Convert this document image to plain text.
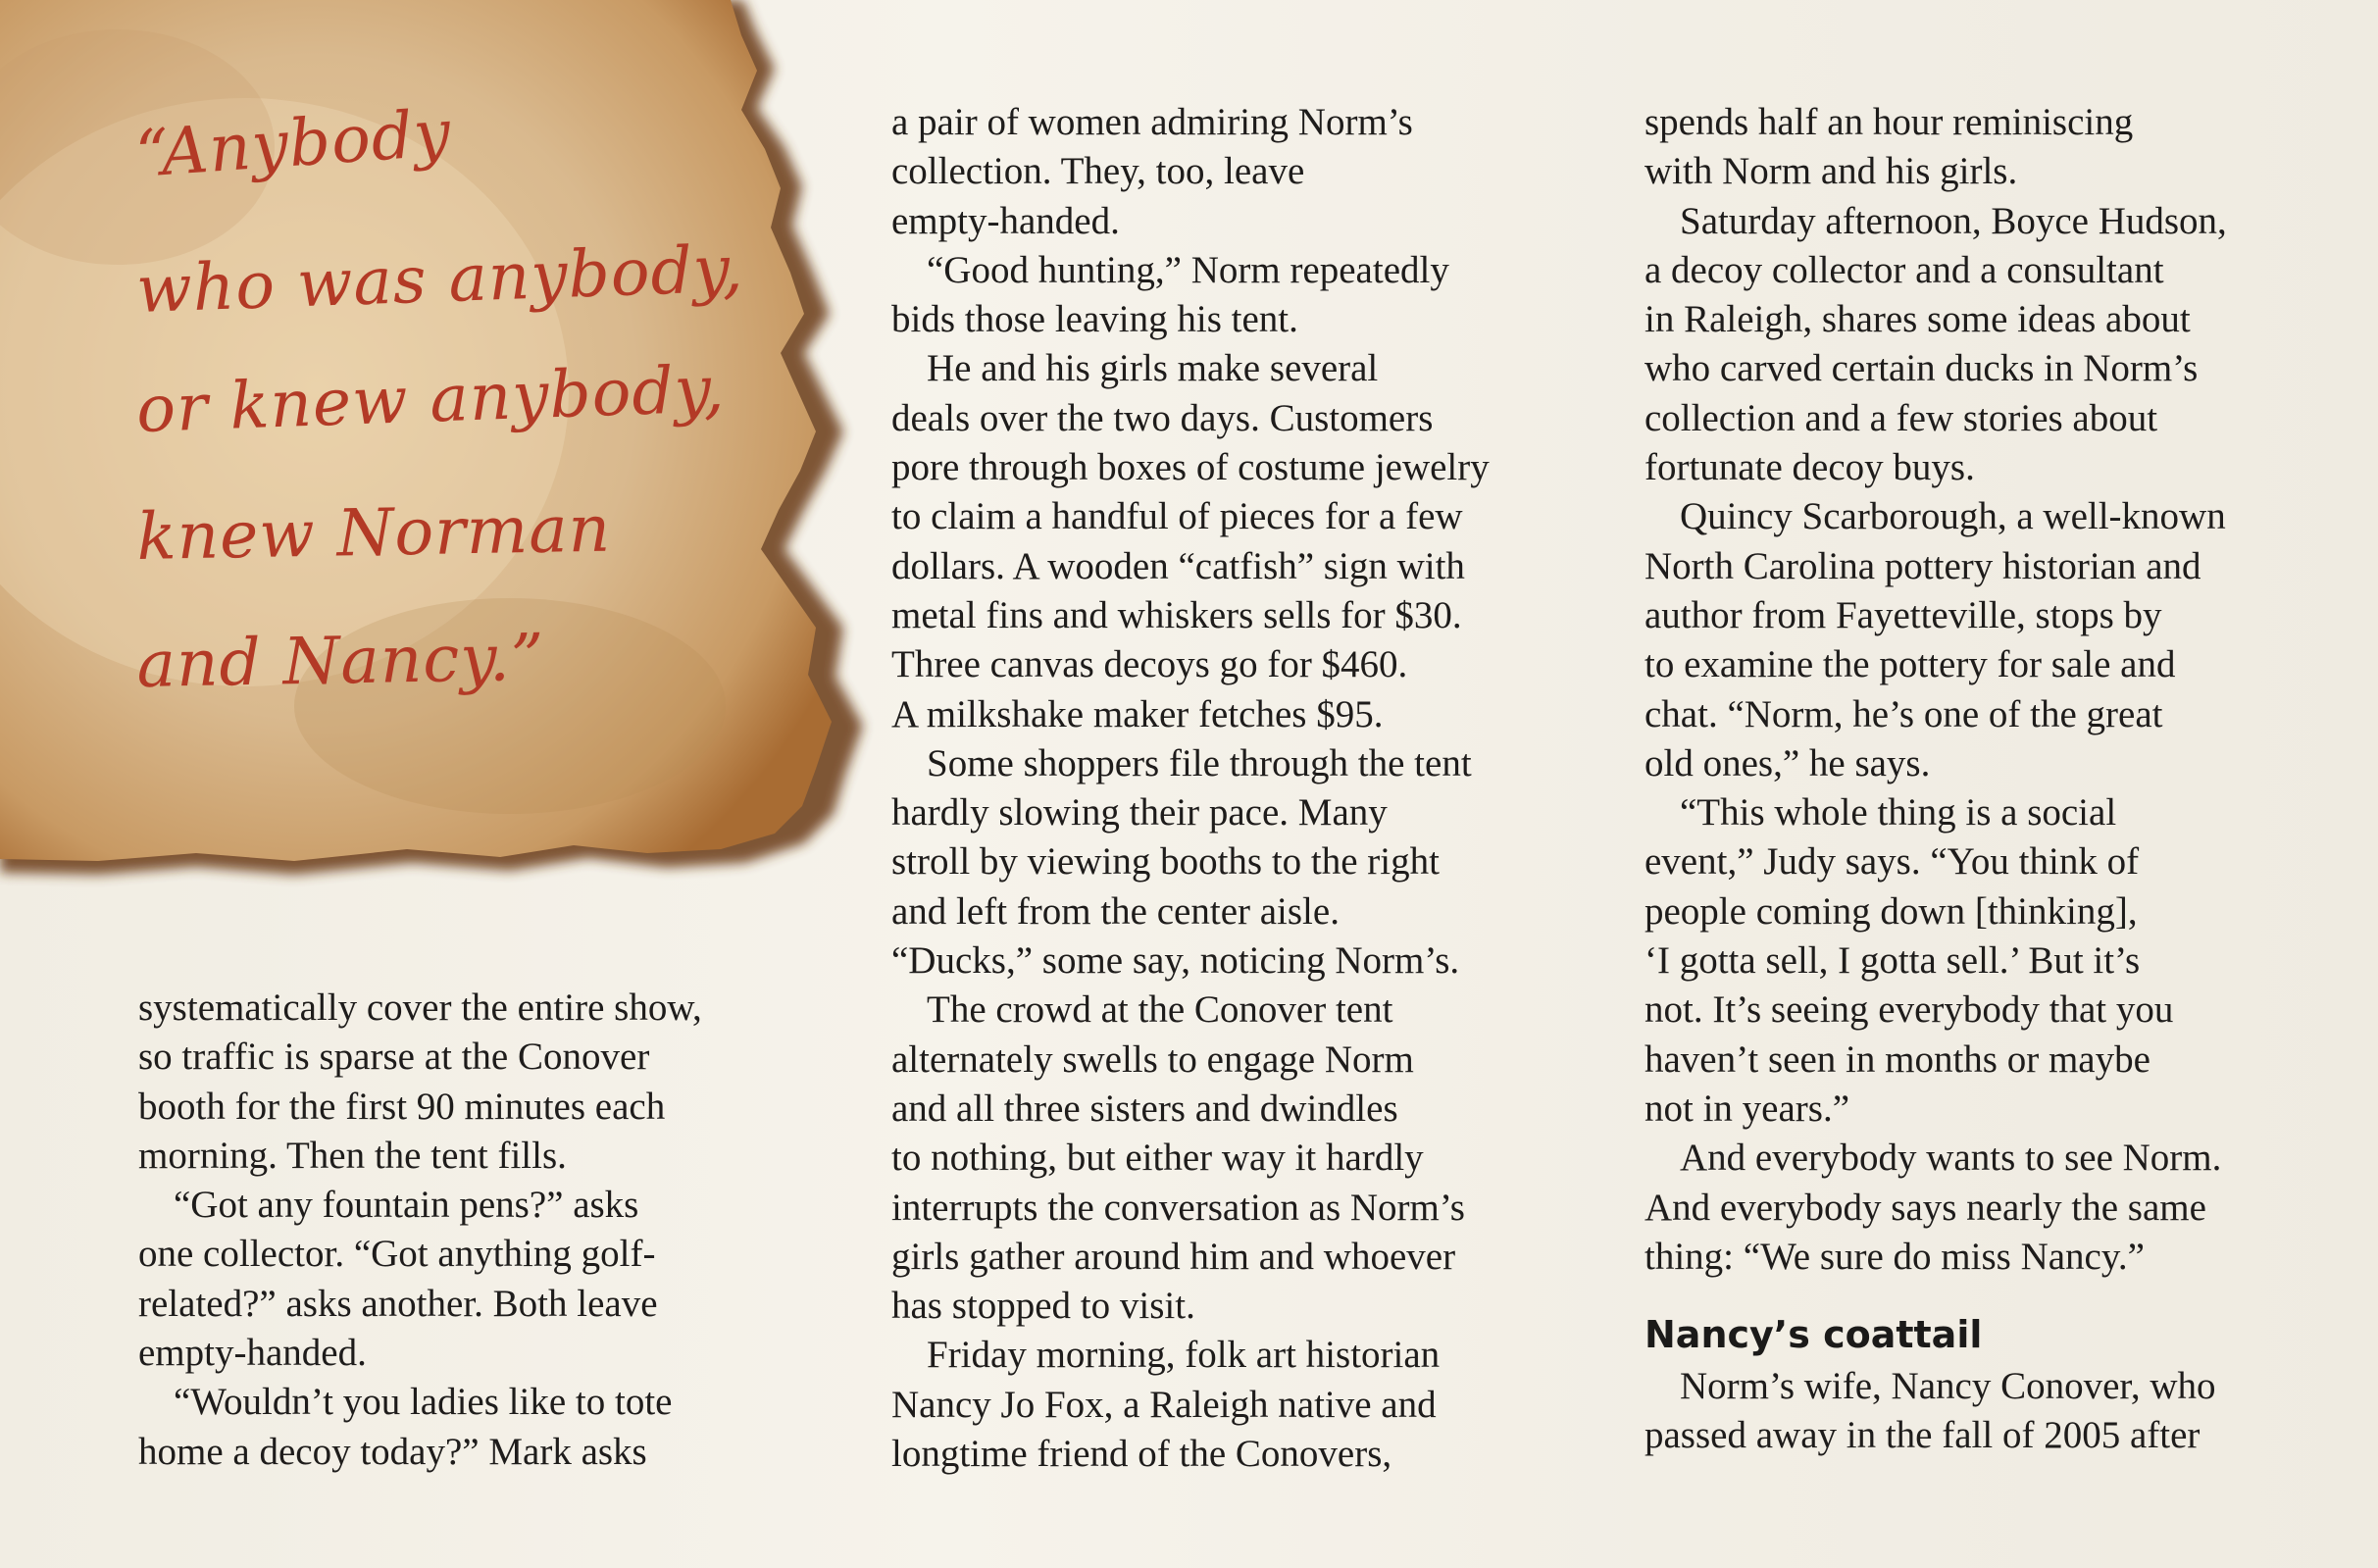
“Anybody
who was anybody,
or knew anybody,
knew Norman
and Nancy.”
systematically cover the entire show,
so traffic is sparse at the Conover
booth for the first 90 minutes each
morning. Then the tent fills.
“Got any fountain pens?” asks
one collector. “Got anything golf-
related?” asks another. Both leave
empty-handed.
“Wouldn’t you ladies like to tote
home a decoy today?” Mark asks
a pair of women admiring Norm’s
collection. They, too, leave
empty-handed.
“Good hunting,” Norm repeatedly
bids those leaving his tent.
He and his girls make several
deals over the two days. Customers
pore through boxes of costume jewelry
to claim a handful of pieces for a few
dollars. A wooden “catfish” sign with
metal fins and whiskers sells for $30.
Three canvas decoys go for $460.
A milkshake maker fetches $95.
Some shoppers file through the tent
hardly slowing their pace. Many
stroll by viewing booths to the right
and left from the center aisle.
“Ducks,” some say, noticing Norm’s.
The crowd at the Conover tent
alternately swells to engage Norm
and all three sisters and dwindles
to nothing, but either way it hardly
interrupts the conversation as Norm’s
girls gather around him and whoever
has stopped to visit.
Friday morning, folk art historian
Nancy Jo Fox, a Raleigh native and
longtime friend of the Conovers,
spends half an hour reminiscing
with Norm and his girls.
Saturday afternoon, Boyce Hudson,
a decoy collector and a consultant
in Raleigh, shares some ideas about
who carved certain ducks in Norm’s
collection and a few stories about
fortunate decoy buys.
Quincy Scarborough, a well-known
North Carolina pottery historian and
author from Fayetteville, stops by
to examine the pottery for sale and
chat. “Norm, he’s one of the great
old ones,” he says.
“This whole thing is a social
event,” Judy says. “You think of
people coming down [thinking],
‘I gotta sell, I gotta sell.’ But it’s
not. It’s seeing everybody that you
haven’t seen in months or maybe
not in years.”
And everybody wants to see Norm.
And everybody says nearly the same
thing: “We sure do miss Nancy.”
Nancy’s coattail
Norm’s wife, Nancy Conover, who
passed away in the fall of 2005 after
